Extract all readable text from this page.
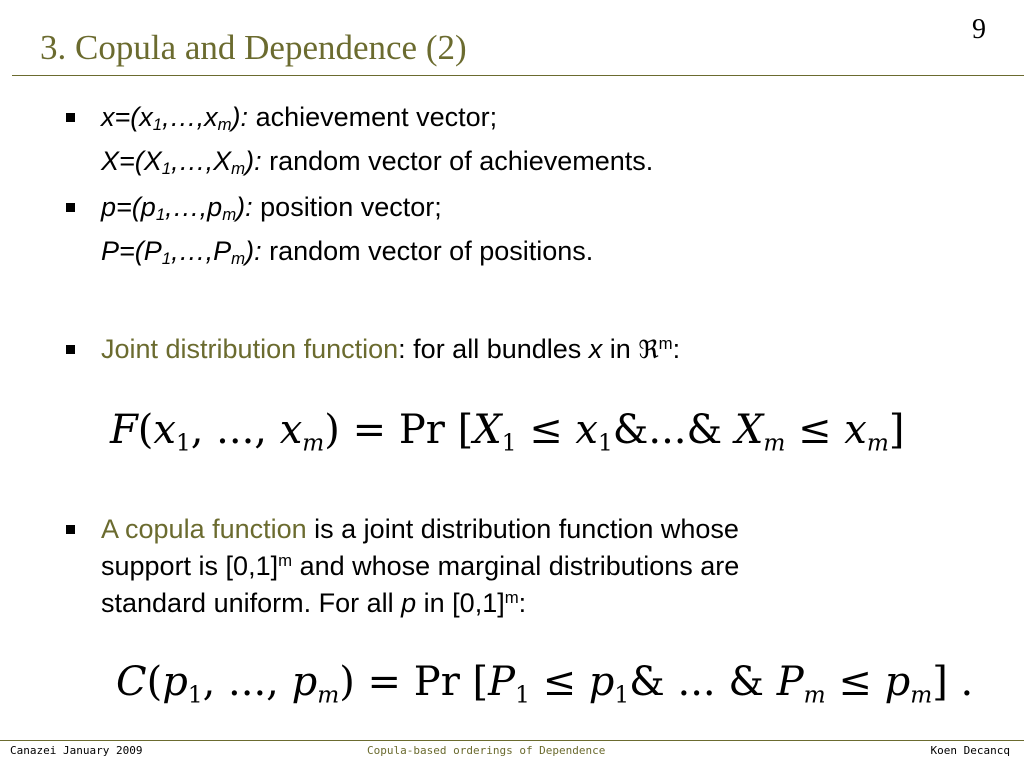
3. Copula and Dependence (2)	9
$x=(x_1,\dots,x_m)$: achievement vector;
$X=(X_1,\dots,X_m)$: random vector of achievements.
$p=(p_1,\dots,p_m)$: position vector;
$P=(P_1,\dots,P_m)$: random vector of positions.
Joint distribution function: for all bundles x in ℜ$^m$:
$F(x_1$, ..., $x_m) = Pr$ [$X_1$ ≤ $x_1\&...\&$ $X_m \le x_m$]
A copula function is a joint distribution function whose
support is $[0,1]^m$ and whose marginal distributions are
standard uniform. For all p in $[0,1]^m$:
$C(p_1$, ..., $p_m) = Pr$ [$P_1$ ≤ $p_1\&$ ... & $P_m \le p_m$] .
Canazei January 2009	Copula-based orderings of Dependence	Koen Decancq
